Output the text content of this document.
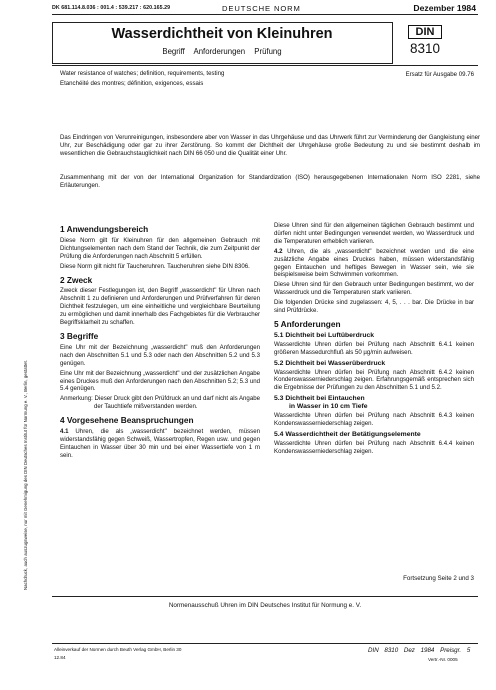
DK 681.114.8.036 : 001.4 : 539.217 : 620.165.29	DEUTSCHE NORM	Dezember 1984
Wasserdichtheit von Kleinuhren
Begriff Anforderungen Prüfung
DIN
8310
Water resistance of watches; definition, requirements, testing
Etanchéité des montres; définition, exigences, essais
Ersatz für Ausgabe 09.76

Das Eindringen von Verunreinigungen, insbesondere aber von Wasser in das Uhrgehäuse und das Uhrwerk führt zur Verminderung der Gangleistung einer Uhr, zur Beschädigung oder gar zu ihrer Zerstörung. So kommt der Dichtheit der Uhrgehäuse große Bedeutung zu und sie bestimmt deshalb im wesentlichen die Gebrauchstauglichkeit nach DIN 66 050 und die Qualität einer Uhr.

Zusammenhang mit der von der International Organization for Standardization (ISO) herausgegebenen Internationalen Norm ISO 2281, siehe Erläuterungen.

1 Anwendungsbereich

Diese Norm gilt für Kleinuhren für den allgemeinen Gebrauch mit Dichtungselementen nach dem Stand der Technik, die zum Zeitpunkt der Prüfung die Anforderungen nach Abschnitt 5 erfüllen.

Diese Norm gilt nicht für Taucheruhren. Taucheruhren siehe DIN 8306.

2 Zweck

Zweck dieser Festlegungen ist, den Begriff „wasserdicht" für Uhren nach Abschnitt 1 zu definieren und Anforderungen und Prüfverfahren für deren Dichtheit festzulegen, um eine einheitliche und vergleichbare Beurteilung zu ermöglichen und damit innerhalb des Fachgebietes für die Verbraucher Begriffsklarheit zu schaffen.

3 Begriffe

Eine Uhr mit der Bezeichnung „wasserdicht" muß den Anforderungen nach den Abschnitten 5.1 und 5.3 oder nach den Abschnitten 5.2 und 5.3 genügen.

Eine Uhr mit der Bezeichnung „wasserdicht" und der zusätzlichen Angabe eines Druckes muß den Anforderungen nach den Abschnitten 5.2; 5.3 und 5.4 genügen.

Anmerkung: Dieser Druck gibt den Prüfdruck an und darf nicht als Angabe der Tauchtiefe mißverstanden werden.

4 Vorgesehene Beanspruchungen

4.1 Uhren, die als „wasserdicht" bezeichnet werden, müssen widerstandsfähig gegen Schweiß, Wassertropfen, Regen usw. und gegen Eintauchen in Wasser über 30 min und bei einer Wassertiefe von 1 m sein.

Diese Uhren sind für den allgemeinen täglichen Gebrauch bestimmt und dürfen nicht unter Bedingungen verwendet werden, wo Wasserdruck und die Temperaturen erheblich variieren.

4.2 Uhren, die als „wasserdicht" bezeichnet werden und die eine zusätzliche Angabe eines Druckes haben, müssen widerstandsfähig gegen Eintauchen und heftiges Bewegen in Wasser sein, wie sie beispielsweise beim Schwimmen vorkommen.

Diese Uhren sind für den Gebrauch unter Bedingungen bestimmt, wo der Wasserdruck und die Temperaturen stark variieren.

Die folgenden Drücke sind zugelassen: 4, 5, . . . bar. Die Drücke in bar sind Prüfdrücke.

5 Anforderungen
5.1 Dichtheit bei Luftüberdruck

Wasserdichte Uhren dürfen bei Prüfung nach Abschnitt 6.4.1 keinen größeren Massedurchfluß als 50 µg/min aufweisen.

5.2 Dichtheit bei Wasserüberdruck

Wasserdichte Uhren dürfen bei Prüfung nach Abschnitt 6.4.2 keinen Kondenswasserniederschlag zeigen. Erfahrungsgemäß entsprechen sich die Ergebnisse der Prüfungen zu den Abschnitten 5.1 und 5.2.

5.3 Dichtheit bei Eintauchen
in Wasser in 10 cm Tiefe

Wasserdichte Uhren dürfen bei Prüfung nach Abschnitt 6.4.3 keinen Kondenswasserniederschlag zeigen.

5.4 Wasserdichtheit der Betätigungselemente

Wasserdichte Uhren dürfen bei Prüfung nach Abschnitt 6.4.4 keinen Kondenswasserniederschlag zeigen.

Nachdruck, auch auszugsweise, nur mit Genehmigung des DIN Deutsches Institut für Normung e. V., Berlin, gestattet.	Fortsetzung Seite 2 und 3
Normenausschuß Uhren im DIN Deutsches Institut für Normung e. V.
Alleinverkauf der Normen durch Beuth Verlag GmbH, Berlin 30
12.84
DIN 8310 Dez 1984 Preisgr. 5
Vertr.-Nr. 0005
